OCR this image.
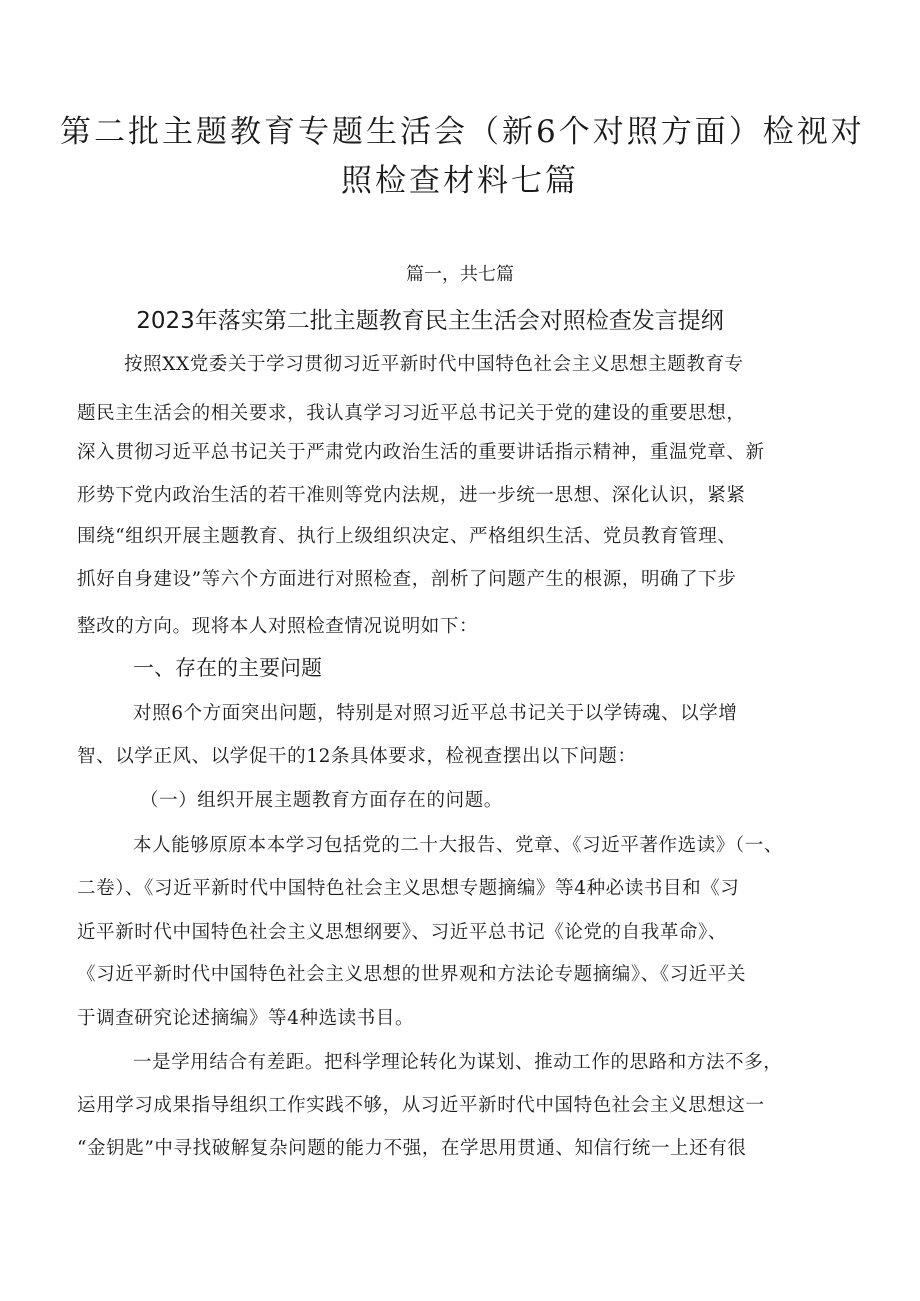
第二批主题教育专题生活会（新6个对照方面）检视对
照检查材料七篇
篇一，共七篇
2023年落实第二批主题教育民主生活会对照检查发言提纲
按照XX党委关于学习贯彻习近平新时代中国特色社会主义思想主题教育专
题民主生活会的相关要求，我认真学习习近平总书记关于党的建设的重要思想，
深入贯彻习近平总书记关于严肃党内政治生活的重要讲话指示精神，重温党章、新
形势下党内政治生活的若干准则等党内法规，进一步统一思想、深化认识，紧紧
围绕“组织开展主题教育、执行上级组织决定、严格组织生活、党员教育管理、
抓好自身建设”等六个方面进行对照检查，剖析了问题产生的根源，明确了下步
整改的方向。现将本人对照检查情况说明如下：
一、存在的主要问题
对照6个方面突出问题，特别是对照习近平总书记关于以学铸魂、以学增
智、以学正风、以学促干的12条具体要求，检视查摆出以下问题：
（一）组织开展主题教育方面存在的问题。
本人能够原原本本学习包括党的二十大报告、党章、《习近平著作选读》（一、
二卷）、《习近平新时代中国特色社会主义思想专题摘编》等4种必读书目和《习
近平新时代中国特色社会主义思想纲要》、习近平总书记《论党的自我革命》、
《习近平新时代中国特色社会主义思想的世界观和方法论专题摘编》、《习近平关
于调查研究论述摘编》等4种选读书目。
一是学用结合有差距。把科学理论转化为谋划、推动工作的思路和方法不多，
运用学习成果指导组织工作实践不够，从习近平新时代中国特色社会主义思想这一
“金钥匙”中寻找破解复杂问题的能力不强，在学思用贯通、知信行统一上还有很
